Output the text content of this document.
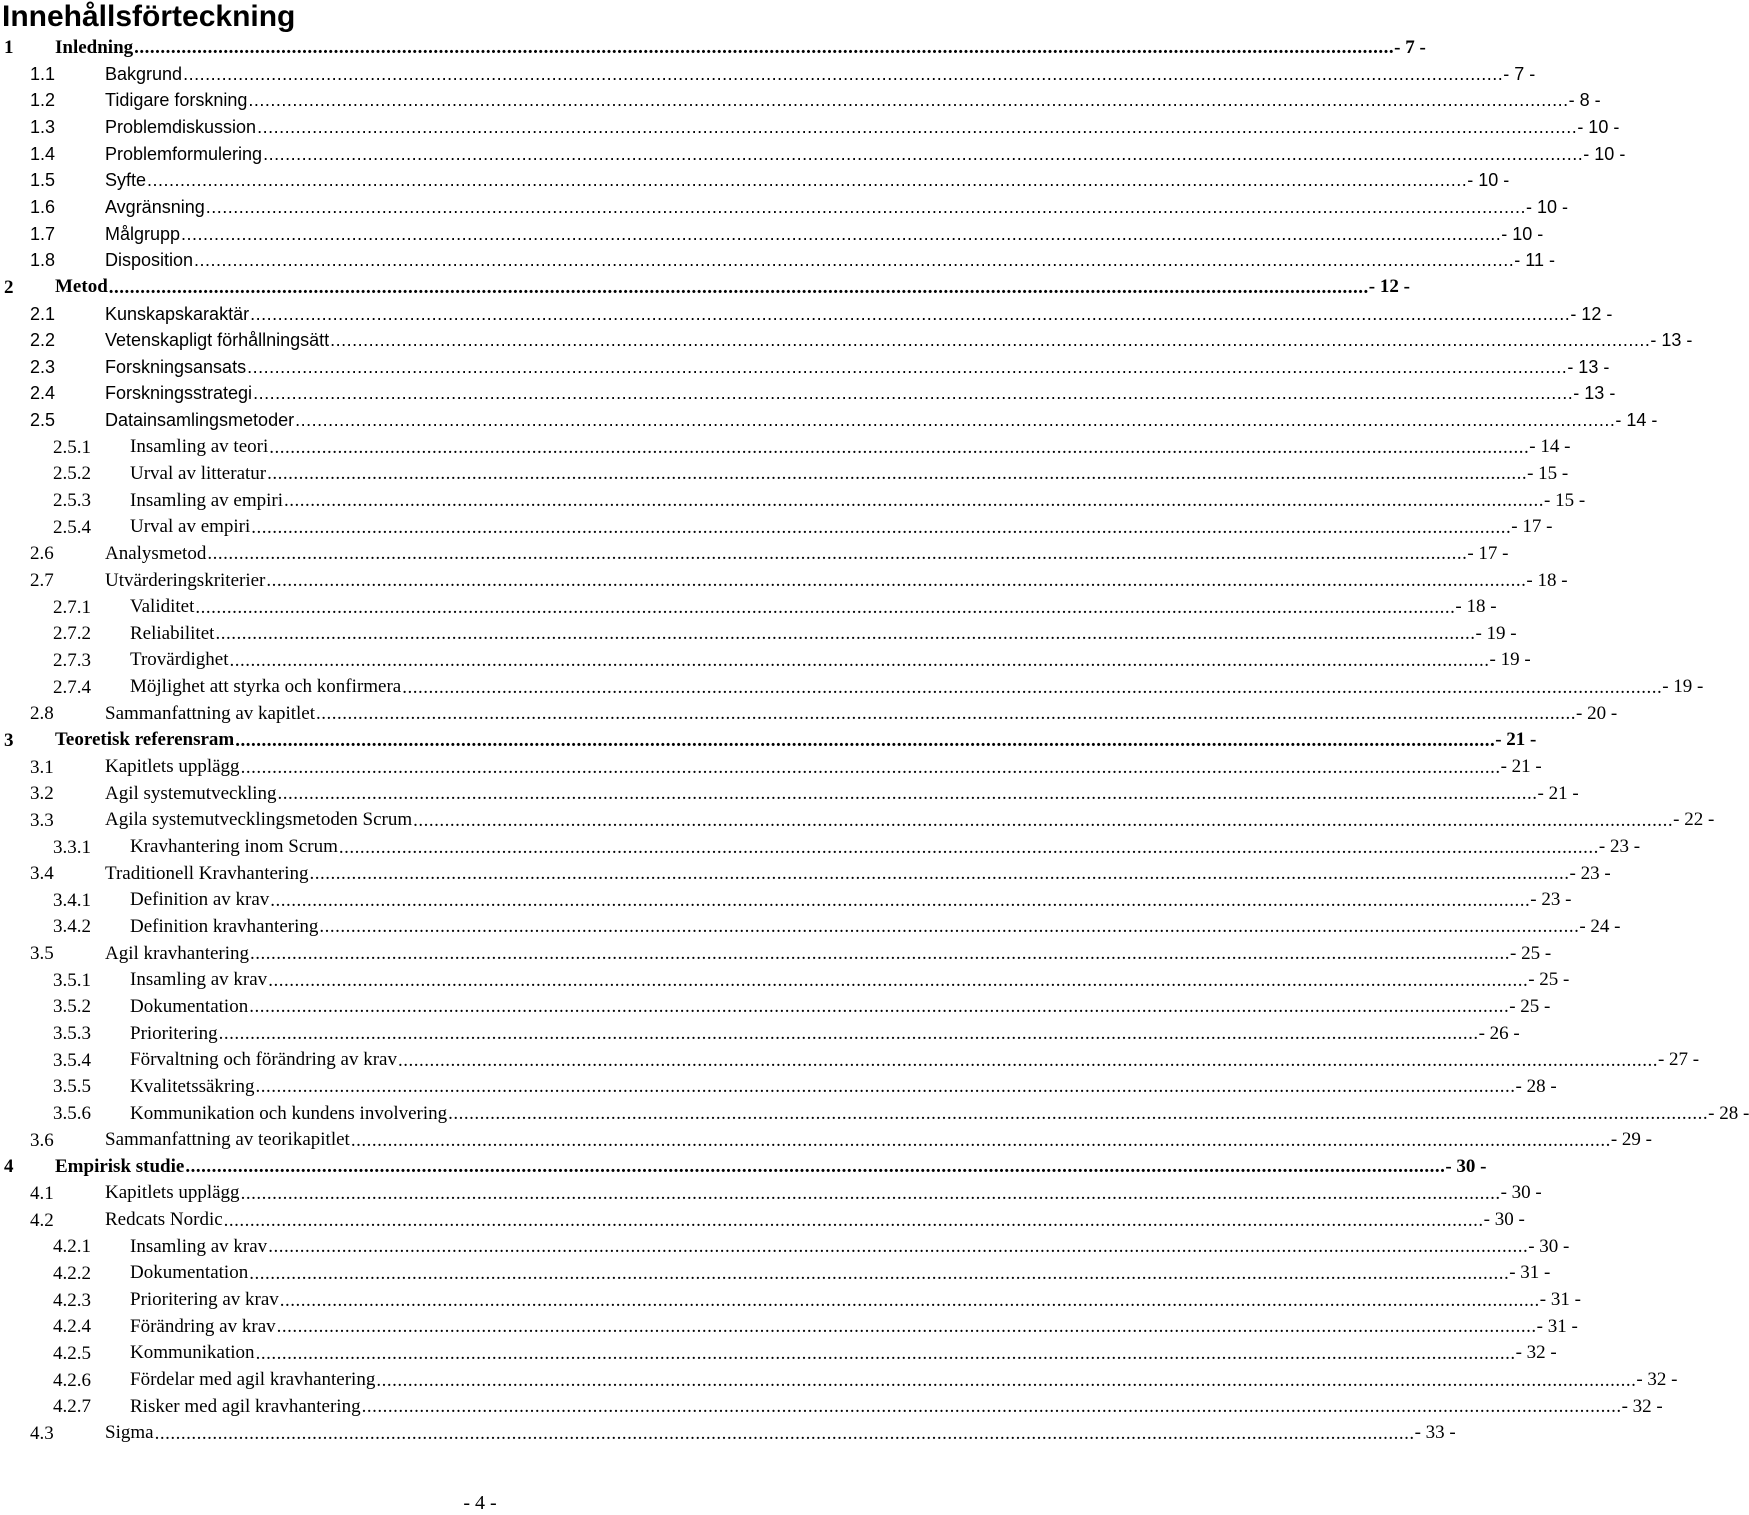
Innehållsförteckning
1 Inledning ................................................................................................................................................................................................................................................ - 7 -
1.1	Bakgrund ................................................................................................................................................................................................................................................ - 7 -
1.2	Tidigare forskning ................................................................................................................................................................................................................................................ - 8 -
1.3	Problemdiskussion ................................................................................................................................................................................................................................................ - 10 -
1.4	Problemformulering ................................................................................................................................................................................................................................................ - 10 -
1.5	Syfte ................................................................................................................................................................................................................................................ - 10 -
1.6	Avgränsning ................................................................................................................................................................................................................................................ - 10 -
1.7	Målgrupp ................................................................................................................................................................................................................................................ - 10 -
1.8	Disposition ................................................................................................................................................................................................................................................ - 11 -
2 Metod ................................................................................................................................................................................................................................................ - 12 -
2.1	Kunskapskaraktär ................................................................................................................................................................................................................................................ - 12 -
2.2	Vetenskapligt förhållningsätt ................................................................................................................................................................................................................................................ - 13 -
2.3	Forskningsansats ................................................................................................................................................................................................................................................ - 13 -
2.4	Forskningsstrategi ................................................................................................................................................................................................................................................ - 13 -
2.5	Datainsamlingsmetoder ................................................................................................................................................................................................................................................ - 14 -
2.5.1 Insamling av teori ................................................................................................................................................................................................................................................ - 14 -
2.5.2 Urval av litteratur ................................................................................................................................................................................................................................................ - 15 -
2.5.3 Insamling av empiri ................................................................................................................................................................................................................................................ - 15 -
2.5.4 Urval av empiri ................................................................................................................................................................................................................................................ - 17 -
2.6	Analysmetod ................................................................................................................................................................................................................................................ - 17 -
2.7	Utvärderingskriterier ................................................................................................................................................................................................................................................ - 18 -
2.7.1 Validitet ................................................................................................................................................................................................................................................ - 18 -
2.7.2 Reliabilitet ................................................................................................................................................................................................................................................ - 19 -
2.7.3 Trovärdighet ................................................................................................................................................................................................................................................ - 19 -
2.7.4 Möjlighet att styrka och konfirmera ................................................................................................................................................................................................................................................ - 19 -
2.8	Sammanfattning av kapitlet ................................................................................................................................................................................................................................................ - 20 -
3 Teoretisk referensram ................................................................................................................................................................................................................................................ - 21 -
3.1	Kapitlets upplägg ................................................................................................................................................................................................................................................ - 21 -
3.2	Agil systemutveckling ................................................................................................................................................................................................................................................ - 21 -
3.3	Agila systemutvecklingsmetoden Scrum ................................................................................................................................................................................................................................................ - 22 -
3.3.1 Kravhantering inom Scrum ................................................................................................................................................................................................................................................ - 23 -
3.4	Traditionell Kravhantering ................................................................................................................................................................................................................................................ - 23 -
3.4.1 Definition av krav ................................................................................................................................................................................................................................................ - 23 -
3.4.2 Definition kravhantering ................................................................................................................................................................................................................................................ - 24 -
3.5	Agil kravhantering ................................................................................................................................................................................................................................................ - 25 -
3.5.1 Insamling av krav ................................................................................................................................................................................................................................................ - 25 -
3.5.2 Dokumentation ................................................................................................................................................................................................................................................ - 25 -
3.5.3 Prioritering ................................................................................................................................................................................................................................................ - 26 -
3.5.4 Förvaltning och förändring av krav ................................................................................................................................................................................................................................................ - 27 -
3.5.5 Kvalitetssäkring ................................................................................................................................................................................................................................................ - 28 -
3.5.6 Kommunikation och kundens involvering ................................................................................................................................................................................................................................................ - 28 -
3.6	Sammanfattning av teorikapitlet ................................................................................................................................................................................................................................................ - 29 -
4 Empirisk studie ................................................................................................................................................................................................................................................ - 30 -
4.1	Kapitlets upplägg ................................................................................................................................................................................................................................................ - 30 -
4.2	Redcats Nordic ................................................................................................................................................................................................................................................ - 30 -
4.2.1 Insamling av krav ................................................................................................................................................................................................................................................ - 30 -
4.2.2 Dokumentation ................................................................................................................................................................................................................................................ - 31 -
4.2.3 Prioritering av krav ................................................................................................................................................................................................................................................ - 31 -
4.2.4 Förändring av krav ................................................................................................................................................................................................................................................ - 31 -
4.2.5 Kommunikation ................................................................................................................................................................................................................................................ - 32 -
4.2.6 Fördelar med agil kravhantering ................................................................................................................................................................................................................................................ - 32 -
4.2.7 Risker med agil kravhantering ................................................................................................................................................................................................................................................ - 32 -
4.3	Sigma ................................................................................................................................................................................................................................................ - 33 -
- 4 -
